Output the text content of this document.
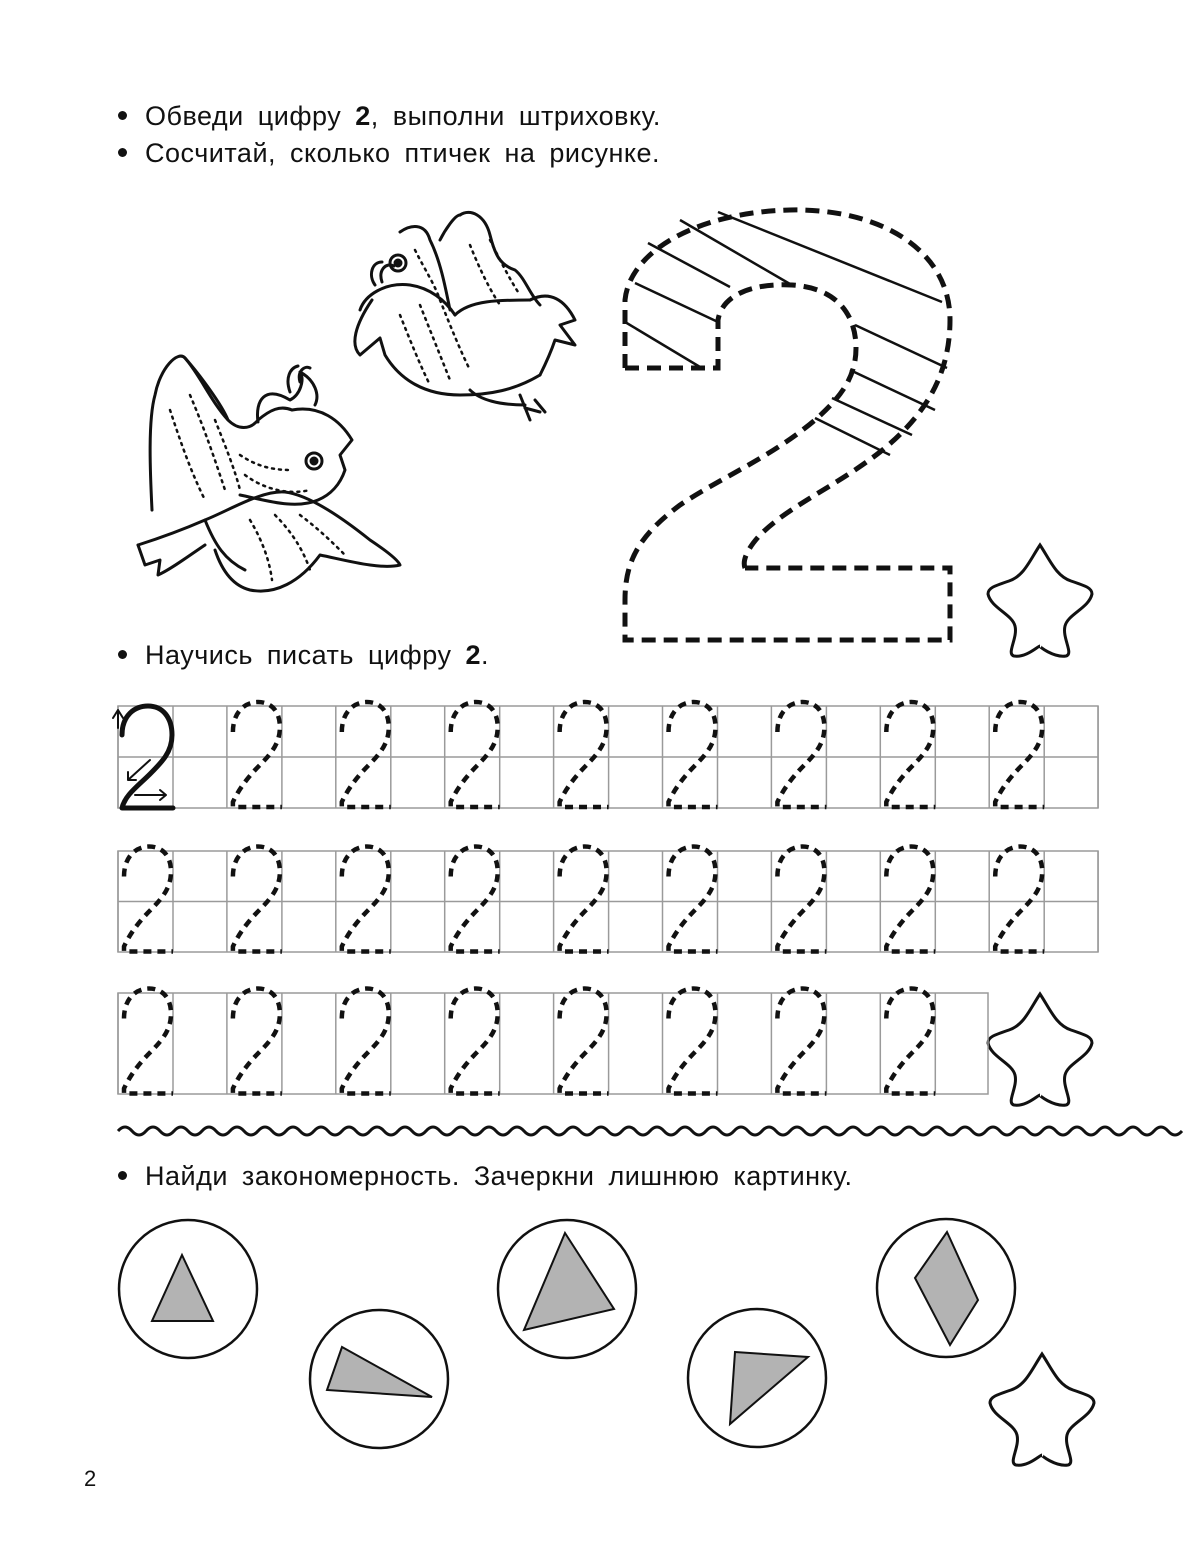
Обведи цифру 2, выполни штриховку.
Сосчитай, сколько птичек на рисунке.
Научись писать цифру 2.
Найди закономерность. Зачеркни лишнюю картинку.
2
